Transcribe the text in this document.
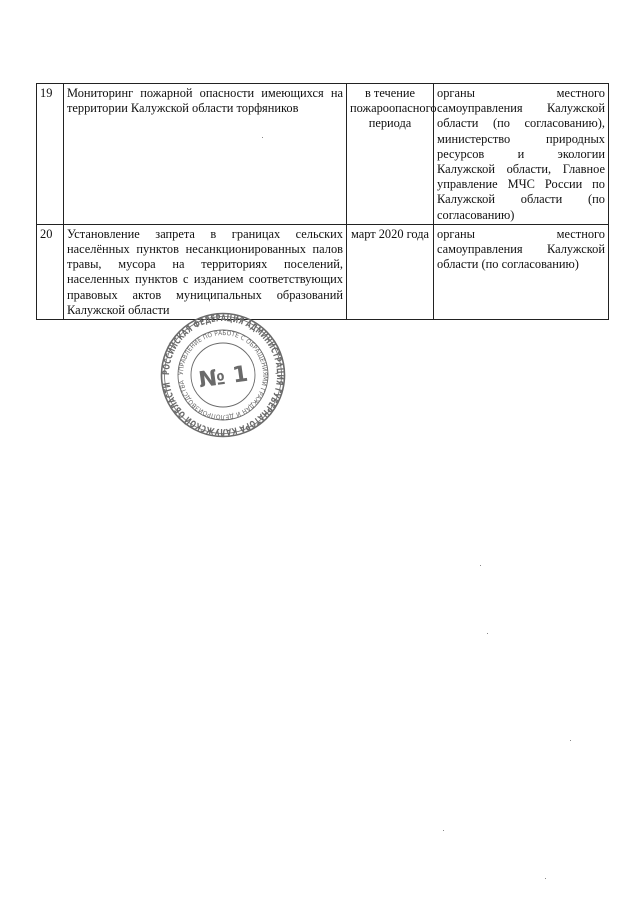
19	Мониторинг пожарной опасности имеющихся на территории Калужской области торфяников	в течение пожароопасного периода	органы местного самоуправления Калужской области (по согласованию), министерство природных ресурсов и экологии Калужской области, Главное управление МЧС России по Калужской области (по согласованию)
20	Установление запрета в границах сельских населённых пунктов несанкционированных палов травы, мусора на территориях поселений, населенных пунктов с изданием соответствующих правовых актов муниципальных образований Калужской области	март 2020 года	органы местного самоуправления Калужской области (по согласованию)
РОССИЙСКАЯ ФЕДЕРАЦИЯ АДМИНИСТРАЦИЯ ГУБЕРНАТОРА КАЛУЖСКОЙ ОБЛАСТИ
УПРАВЛЕНИЕ ПО РАБОТЕ С ОБРАЩЕНИЯМИ ГРАЖДАН И ДЕЛОПРОИЗВОДСТВА № 1
